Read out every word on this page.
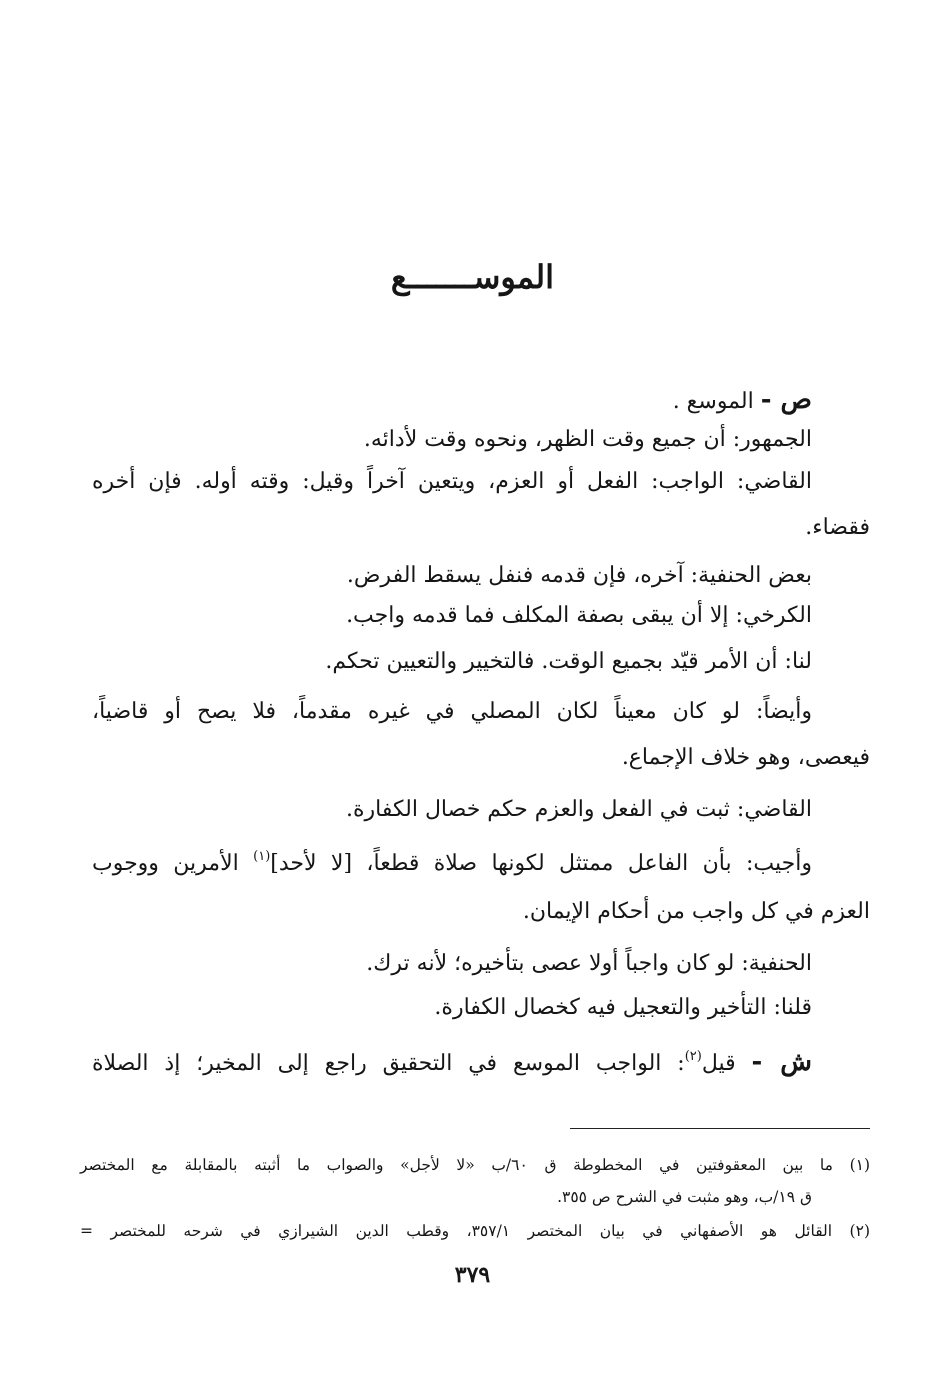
الموســـــــع
ص - الموسع .
الجمهور: أن جميع وقت الظهر، ونحوه وقت لأدائه.
القاضي: الواجب: الفعل أو العزم، ويتعين آخراً وقيل: وقته أوله. فإن أخره
فقضاء.
بعض الحنفية: آخره، فإن قدمه فنفل يسقط الفرض.
الكرخي: إلا أن يبقى بصفة المكلف فما قدمه واجب.
لنا: أن الأمر قيّد بجميع الوقت. فالتخيير والتعيين تحكم.
وأيضاً: لو كان معيناً لكان المصلي في غيره مقدماً، فلا يصح أو قاضياً،
فيعصى، وهو خلاف الإجماع.
القاضي: ثبت في الفعل والعزم حكم خصال الكفارة.
وأجيب: بأن الفاعل ممتثل لكونها صلاة قطعاً، [لا لأحد]$^{(١)}$ الأمرين ووجوب
العزم في كل واجب من أحكام الإيمان.
الحنفية: لو كان واجباً أولا عصى بتأخيره؛ لأنه ترك.
قلنا: التأخير والتعجيل فيه كخصال الكفارة.
ش - قيل$^{(٢)}$: الواجب الموسع في التحقيق راجع إلى المخير؛ إذ الصلاة
(١) ما بين المعقوفتين في المخطوطة ق ٦٠/ب «لا لأجل» والصواب ما أثبته بالمقابلة مع المختصر
ق ١٩/ب، وهو مثبت في الشرح ص ٣٥٥.
(٢) القائل هو الأصفهاني في بيان المختصر ٣٥٧/١، وقطب الدين الشيرازي في شرحه للمختصر =
٣٧٩
